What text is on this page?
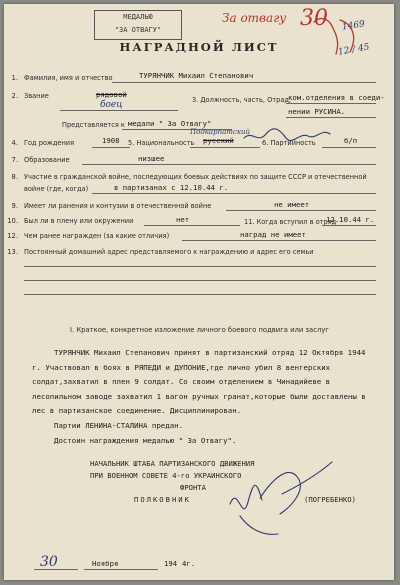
МЕДАЛЬЮ
"ЗА ОТВАГУ"
За отвагу 30 1469
12 / 45
НАГРАДНОЙ ЛИСТ
1. Фамилия, имя и отчество	ТУРЯНЧИК Михаил Степанович
2. Звание	рядовой
боец	3. Должность, часть, Отрад,
ком.отделения в соеди-
нении РУСИНА.
Представляется к медали " За Отвагу"
4. Год рождения	1908 5. Национальность
Подкарпатский
русский	6. Партийность	б/п
7. Образование	низшее
8. Участие в гражданской войне, последующих боевых действиях по защите СССР и отечественной
войне (где, когда)	в партизанах с 12.10.44 г.
9. Имеет ли ранения и контузии в отечественной войне	не имеет
10. Был ли в плену или окружении	нет	11. Когда вступил в отряд
12.10.44 г.
12. Чем ранее награжден (за какие отличия)	наград не имеет
13. Постоянный домашний адрес представляемого к награждению и адрес его семьи
I. Краткое, конкретное изложение личного боевого подвига или заслуг

ТУРЯНЧИК Михаил Степанович принят в партизанский отряд 12 Октября 1944 г. Участвовал в боях в РЯПЕДИ и ДУПОНИЕ,где лично убил 8 венгерских солдат,захватил в плен 9 солдат. Со своим отделением в Чинадийеве в лесопильном заводе захватил 1 вагон ручных гранат,которые были доставлены в лес в партизанское соединение. Дисциплинирован.

Партии ЛЕНИНА-СТАЛИНА предан.

Достоин награждения медалью " За Отвагу".

НАЧАЛЬНИК ШТАБА ПАРТИЗАНСКОГО ДВИЖЕНИЯ
ПРИ ВОЕННОМ СОВЕТЕ 4-го УКРАИНСКОГО
ФРОНТА
ПОЛКОВНИК	(ПОГРЕБЕНКО)
30	Ноября	194 4г.
